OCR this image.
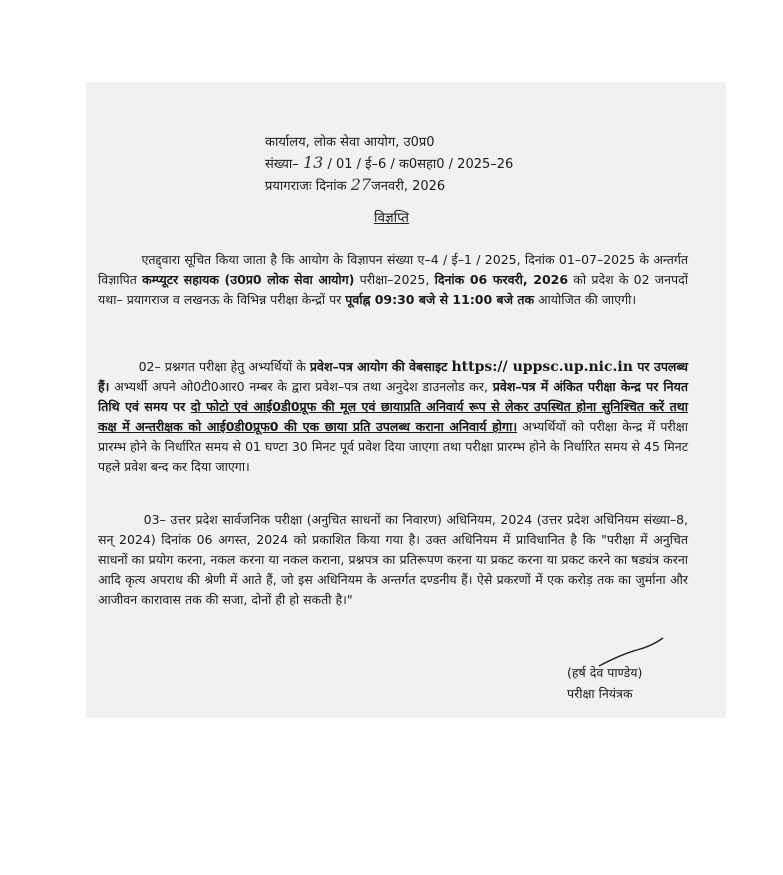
कार्यालय, लोक सेवा आयोग, उ0प्र0
संख्या– 13 / 01 / ई–6 / क0सहा0 / 2025–26
प्रयागराजः दिनांक 27जनवरी, 2026
विज्ञप्ति
एतद्द्वारा सूचित किया जाता है कि आयोग के विज्ञापन संख्या ए–4 / ई–1 / 2025, दिनांक 01–07–2025 के अन्तर्गत विज्ञापित कम्प्यूटर सहायक (उ0प्र0 लोक सेवा आयोग) परीक्षा–2025, दिनांक 06 फरवरी, 2026 को प्रदेश के 02 जनपदों यथा– प्रयागराज व लखनऊ के विभिन्न परीक्षा केन्द्रों पर पूर्वाह्न 09:30 बजे से 11:00 बजे तक आयोजित की जाएगी।
02– प्रश्नगत परीक्षा हेतु अभ्यर्थियों के प्रवेश–पत्र आयोग की वेबसाइट https:// uppsc.up.nic.in पर उपलब्ध हैं। अभ्यर्थी अपने ओ0टी0आर0 नम्बर के द्वारा प्रवेश–पत्र तथा अनुदेश डाउनलोड कर, प्रवेश–पत्र में अंकित परीक्षा केन्द्र पर नियत तिथि एवं समय पर दो फोटो एवं आई0डी0प्रूफ की मूल एवं छायाप्रति अनिवार्य रूप से लेकर उपस्थित होना सुनिश्चित करें तथा कक्ष में अन्तरीक्षक को आई0डी0प्रूफ0 की एक छाया प्रति उपलब्ध कराना अनिवार्य होगा। अभ्यर्थियों को परीक्षा केन्द्र में परीक्षा प्रारम्भ होने के निर्धारित समय से 01 घण्टा 30 मिनट पूर्व प्रवेश दिया जाएगा तथा परीक्षा प्रारम्भ होने के निर्धारित समय से 45 मिनट पहले प्रवेश बन्द कर दिया जाएगा।
03– उत्तर प्रदेश सार्वजनिक परीक्षा (अनुचित साधनों का निवारण) अधिनियम, 2024 (उत्तर प्रदेश अधिनियम संख्या–8, सन् 2024) दिनांक 06 अगस्त, 2024 को प्रकाशित किया गया है। उक्त अधिनियम में प्राविधानित है कि "परीक्षा में अनुचित साधनों का प्रयोग करना, नकल करना या नकल कराना, प्रश्नपत्र का प्रतिरूपण करना या प्रकट करना या प्रकट करने का षड्यंत्र करना आदि कृत्य अपराध की श्रेणी में आते हैं, जो इस अधिनियम के अन्तर्गत दण्डनीय हैं। ऐसे प्रकरणों में एक करोड़ तक का जुर्माना और आजीवन कारावास तक की सजा, दोनों ही हो सकती है।"
(हर्ष देव पाण्डेय)
परीक्षा नियंत्रक
